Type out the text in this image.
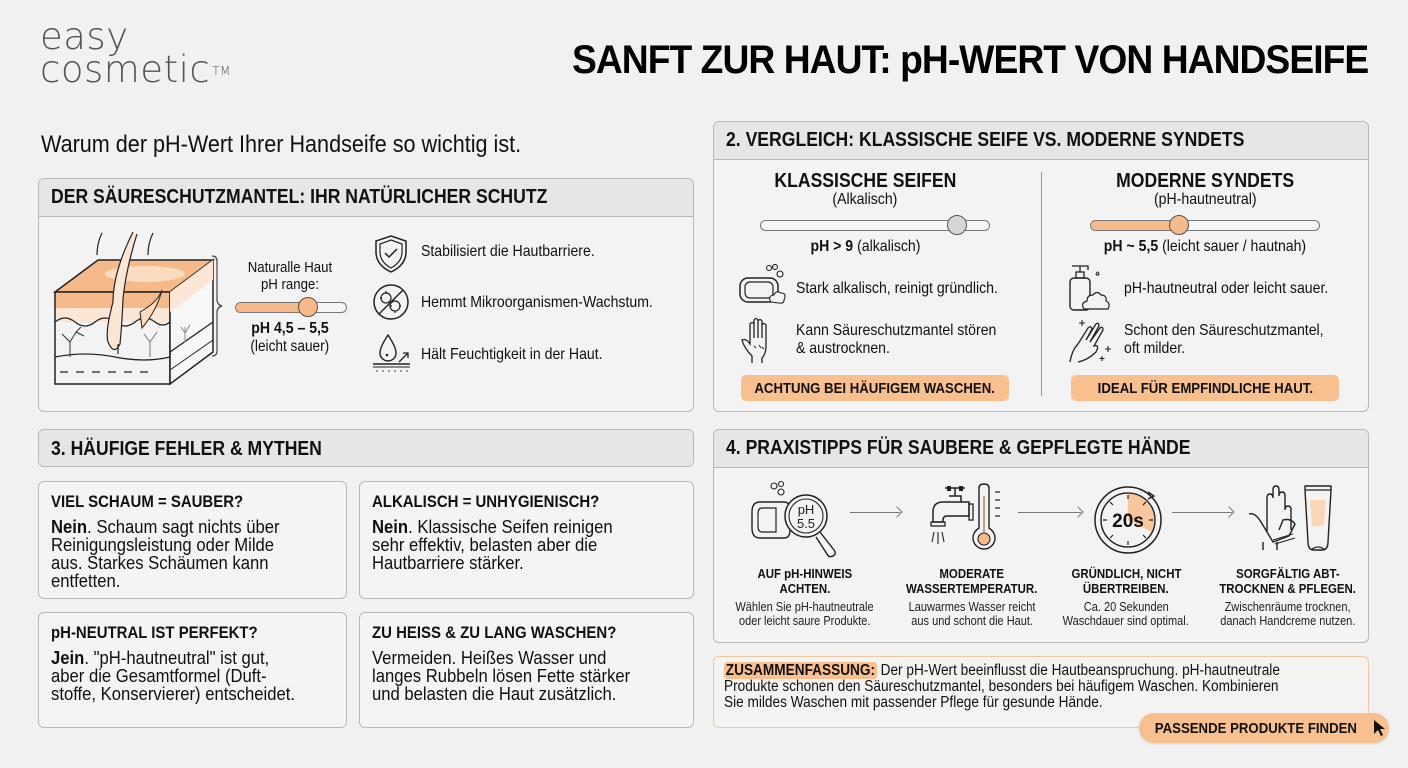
easy
cosmetic ™	SANFT ZUR HAUT: pH-WERT VON HANDSEIFE
Warum der pH-Wert Ihrer Handseife so wichtig ist.
DER SÄURESCHUTZMANTEL: IHR NATÜRLICHER SCHUTZ
Naturalle Haut
pH range:
pH 4,5 – 5,5
(leicht sauer)
Stabilisiert die Hautbarriere.
Hemmt Mikroorganismen-Wachstum.
Hält Feuchtigkeit in der Haut.
2. VERGLEICH: KLASSISCHE SEIFE VS. MODERNE SYNDETS
KLASSISCHE SEIFEN
(Alkalisch)
pH > 9 (alkalisch)
Stark alkalisch, reinigt gründlich.
Kann Säureschutzmantel stören
& austrocknen.
ACHTUNG BEI HÄUFIGEM WASCHEN.
MODERNE SYNDETS
(pH-hautneutral)
pH ~ 5,5 (leicht sauer / hautnah)
pH-hautneutral oder leicht sauer.
Schont den Säureschutzmantel,
oft milder.
IDEAL FÜR EMPFINDLICHE HAUT.
3. HÄUFIGE FEHLER & MYTHEN
VIEL SCHAUM = SAUBER?
Nein. Schaum sagt nichts über
Reinigungsleistung oder Milde
aus. Starkes Schäumen kann
entfetten.
ALKALISCH = UNHYGIENISCH?
Nein. Klassische Seifen reinigen
sehr effektiv, belasten aber die
Hautbarriere stärker.
pH-NEUTRAL IST PERFEKT?
Jein. "pH-hautneutral" ist gut,
aber die Gesamtformel (Duft-
stoffe, Konservierer) entscheidet.
ZU HEISS & ZU LANG WASCHEN?
Vermeiden. Heißes Wasser und
langes Rubbeln lösen Fette stärker
und belasten die Haut zusätzlich.
4. PRAXISTIPPS FÜR SAUBERE & GEPFLEGTE HÄNDE
pH
5.5	20s
AUF pH-HINWEIS
ACHTEN.
Wählen Sie pH-hautneutrale
oder leicht saure Produkte.
MODERATE
WASSERTEMPERATUR.
Lauwarmes Wasser reicht
aus und schont die Haut.
GRÜNDLICH, NICHT
ÜBERTREIBEN.
Ca. 20 Sekunden
Waschdauer sind optimal.
SORGFÄLTIG ABT-
TROCKNEN & PFLEGEN.
Zwischenräume trocknen,
danach Handcreme nutzen.
ZUSAMMENFASSUNG: Der pH-Wert beeinflusst die Hautbeanspruchung. pH-hautneutrale
Produkte schonen den Säureschutzmantel, besonders bei häufigem Waschen. Kombinieren
Sie mildes Waschen mit passender Pflege für gesunde Hände.
PASSENDE PRODUKTE FINDEN
